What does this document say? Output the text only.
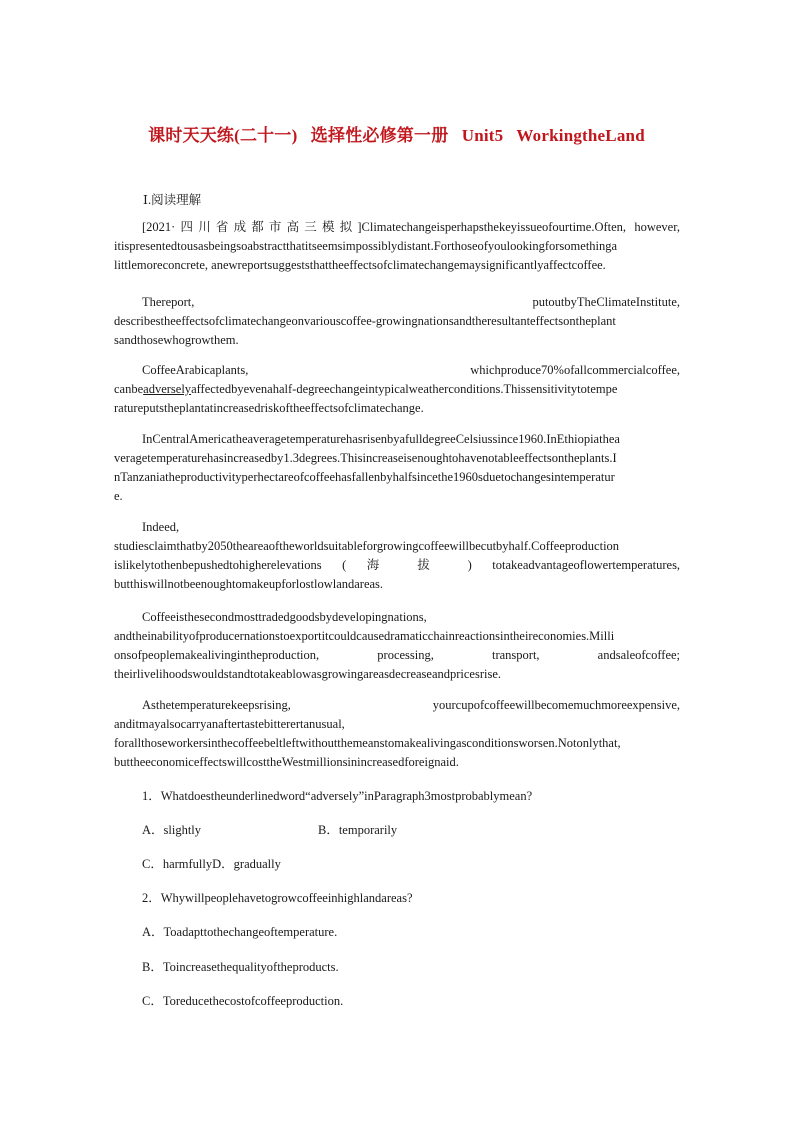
课时天天练(二十一)   选择性必修第一册   Unit5   WorkingtheLand
Ⅰ.阅读理解
[2021·四川省成都市高三模拟]Climatechangeisperhapsthekeyissueofourtime.Often, however,
itispresentedtousasbeingsoabstractthatitseemsimpossiblydistant.Forthoseofyoulookingforsomethinga
littlemoreconcrete, anewreportsuggeststhattheeffectsofclimatechangemaysignificantlyaffectcoffee.
Thereport,	putoutbyTheClimateInstitute,
describestheeffectsofclimatechangeonvariouscoffee-growingnationsandtheresultanteffectsontheplant
sandthosewhogrowthem.
CoffeeArabicaplants,	whichproduce70%ofallcommercialcoffee,
canbeadverselyaffectedbyevenahalf-degreechangeintypicalweatherconditions.Thissensitivitytotempe
ratureputstheplantatincreasedriskoftheeffectsofclimatechange.
InCentralAmericatheaveragetemperaturehasrisenbyafulldegreeCelsiussince1960.InEthiopiathea
veragetemperaturehasincreasedby1.3degrees.Thisincreaseisenoughtohavenotableeffectsontheplants.I
nTanzaniatheproductivityperhectareofcoffeehasfallenbyhalfsincethe1960sduetochangesintemperatur
e.
Indeed,
studiesclaimthatby2050theareaoftheworldsuitableforgrowingcoffeewillbecutbyhalf.Coffeeproduction
islikelytothenbepushedtohigherelevations ( 海 拔 ) totakeadvantageoflowertemperatures,
butthiswillnotbeenoughtomakeupforlostlowlandareas.
Coffeeisthesecondmosttradedgoodsbydevelopingnations,
andtheinabilityofproducernationstoexportitcouldcausedramaticchainreactionsintheireconomies.Milli
onsofpeoplemakealivingintheproduction,	processing,	transport,	andsaleofcoffee;
theirlivelihoodswouldstandtotakeablowasgrowingareasdecreaseandpricesrise.
Asthetemperaturekeepsrising,	yourcupofcoffeewillbecomemuchmoreexpensive,
anditmayalsocarryanaftertastebitterertanusual,
forallthoseworkersinthecoffeebeltleftwithoutthemeanstomakealivingasconditionsworsen.Notonlythat,
buttheeconomiceffectswillcosttheWestmillionsinincreasedforeignaid.
1．Whatdoestheunderlinedword“adversely”inParagraph3mostprobablymean?
A．slightly	B．temporarily
C．harmfullyD．gradually
2．Whywillpeoplehavetogrowcoffeeinhighlandareas?
A．Toadapttothechangeoftemperature.
B．Toincreasethequalityoftheproducts.
C．Toreducethecostofcoffeeproduction.
